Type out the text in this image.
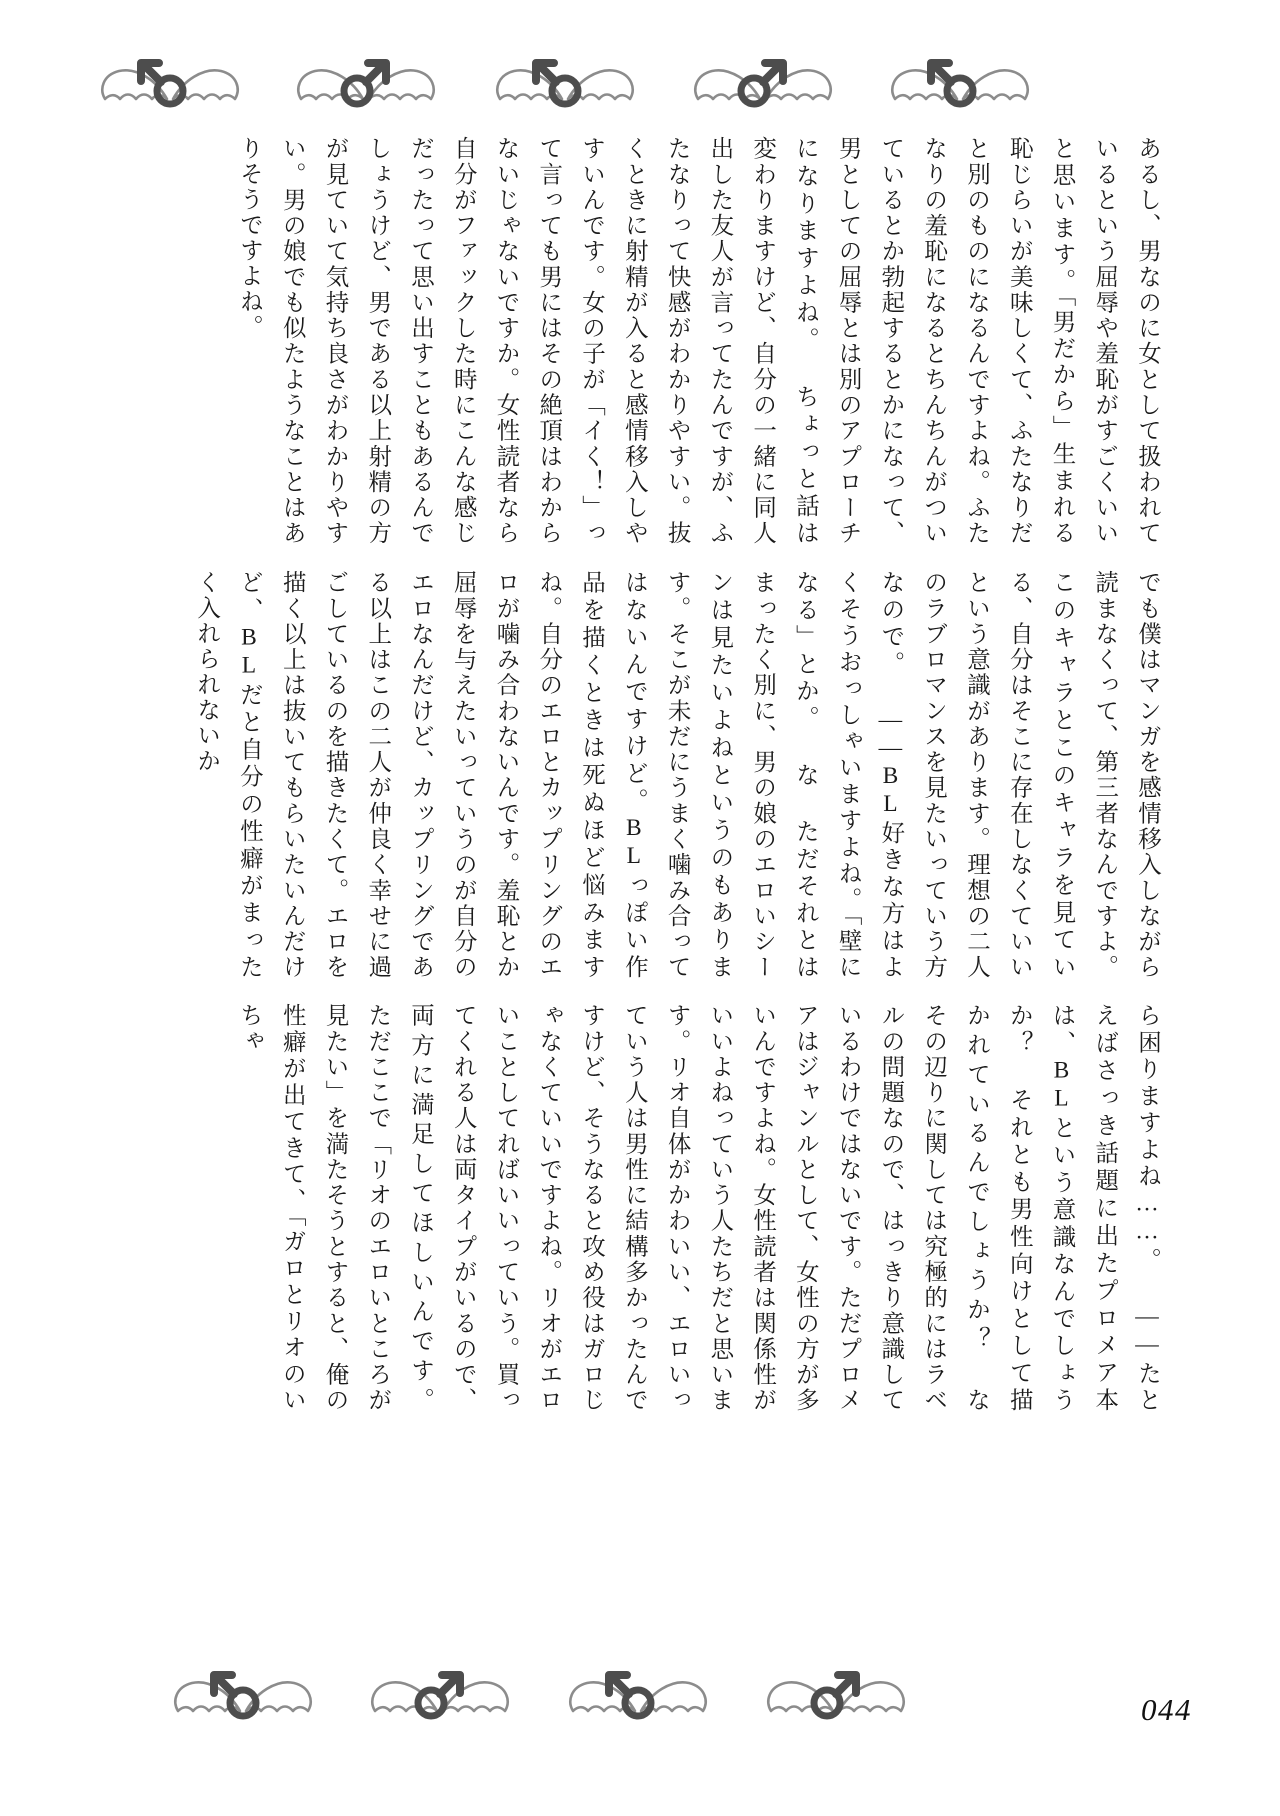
あるし、男なのに女として扱われているという屈辱や羞恥がすごくいいと思います。「男だから」生まれる恥じらいが美味しくて、ふたなりだと別のものになるんですよね。ふたなりの羞恥になるとちんちんがついているとか勃起するとかになって、男としての屈辱とは別のアプローチになりますよね。 ちょっと話は変わりますけど、自分の一緒に同人出した友人が言ってたんですが、ふたなりって快感がわかりやすい。抜くときに射精が入ると感情移入しやすいんです。女の子が「イく！」って言っても男にはその絶頂はわからないじゃないですか。女性読者なら自分がファックした時にこんな感じだったって思い出すこともあるんでしょうけど、男である以上射精の方が見ていて気持ち良さがわかりやすい。男の娘でも似たようなことはありそうですよね。

でも僕はマンガを感情移入しながら読まなくって、第三者なんですよ。このキャラとこのキャラを見ている、自分はそこに存在しなくていいという意識があります。理想の二人のラブロマンスを見たいっていう方なので。 ――BL好きな方はよくそうおっしゃいますよね。「壁になる」とか。 な ただそれとはまったく別に、男の娘のエロいシーンは見たいよねというのもあります。そこが未だにうまく噛み合ってはないんですけど。BLっぽい作品を描くときは死ぬほど悩みますね。自分のエロとカップリングのエロが噛み合わないんです。羞恥とか屈辱を与えたいっていうのが自分のエロなんだけど、カップリングである以上はこの二人が仲良く幸せに過ごしているのを描きたくて。エロを描く以上は抜いてもらいたいんだけど、BLだと自分の性癖がまったく入れられないか

ら困りますよね……。 ――たとえばさっき話題に出たプロメア本は、BLという意識なんでしょうか？ それとも男性向けとして描かれているんでしょうか？ な その辺りに関しては究極的にはラベルの問題なので、はっきり意識しているわけではないです。ただプロメアはジャンルとして、女性の方が多いんですよね。女性読者は関係性がいいよねっていう人たちだと思います。リオ自体がかわいい、エロいっていう人は男性に結構多かったんですけど、そうなると攻め役はガロじゃなくていいですよね。リオがエロいことしてればいいっていう。買ってくれる人は両タイプがいるので、両方に満足してほしいんです。 ただここで「リオのエロいところが見たい」を満たそうとすると、俺の性癖が出てきて、「ガロとリオのいちゃ

044
